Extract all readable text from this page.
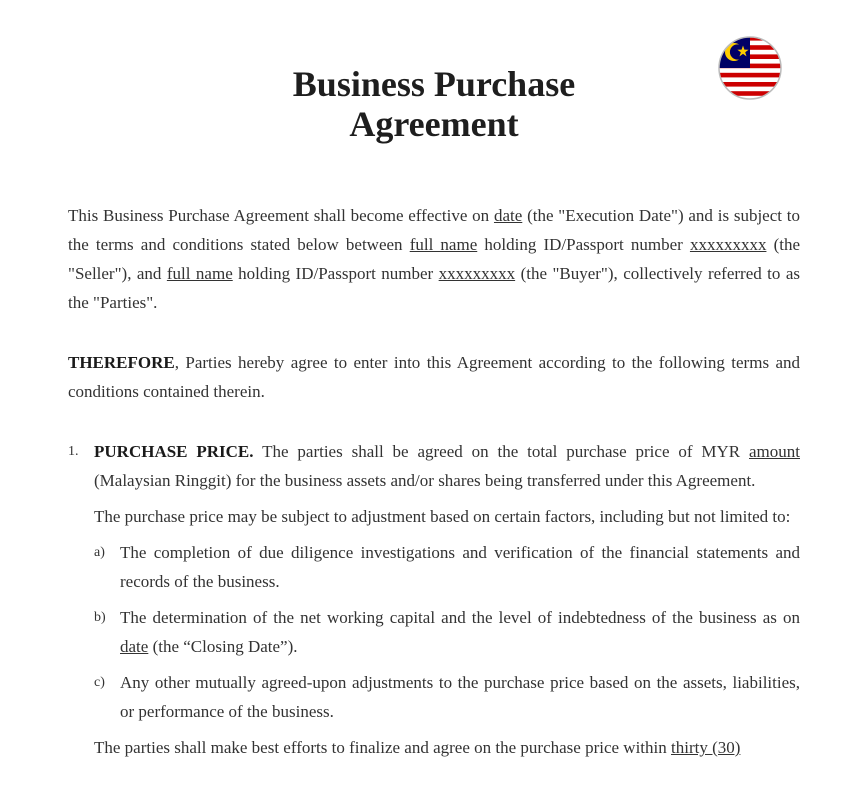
Business Purchase
Agreement

This Business Purchase Agreement shall become effective on date (the "Execution Date") and is subject to the terms and conditions stated below between full name holding ID/Passport number xxxxxxxxx (the "Seller"), and full name holding ID/Passport number xxxxxxxxx (the "Buyer"), collectively referred to as the "Parties".

THEREFORE, Parties hereby agree to enter into this Agreement according to the following terms and conditions contained therein.

1. PURCHASE PRICE. The parties shall be agreed on the total purchase price of MYR amount (Malaysian Ringgit) for the business assets and/or shares being transferred under this Agreement.

The purchase price may be subject to adjustment based on certain factors, including but not limited to:

a) The completion of due diligence investigations and verification of the financial statements and records of the business.

b) The determination of the net working capital and the level of indebtedness of the business as on date (the “Closing Date”).

c) Any other mutually agreed-upon adjustments to the purchase price based on the assets, liabilities, or performance of the business.

The parties shall make best efforts to finalize and agree on the purchase price within thirty (30)
